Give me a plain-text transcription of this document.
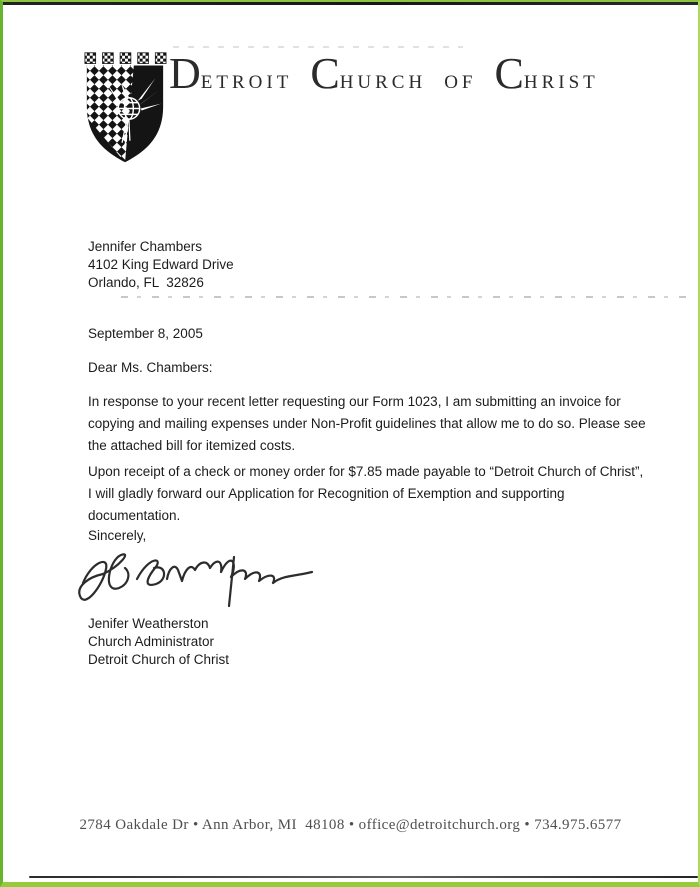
DETROIT CHURCH OF CHRIST
Jennifer Chambers
4102 King Edward Drive
Orlando, FL  32826
September 8, 2005
Dear Ms. Chambers:
In response to your recent letter requesting our Form 1023, I am submitting an invoice for copying and mailing expenses under Non-Profit guidelines that allow me to do so. Please see the attached bill for itemized costs.
Upon receipt of a check or money order for $7.85 made payable to “Detroit Church of Christ”, I will gladly forward our Application for Recognition of Exemption and supporting documentation.
Sincerely,
Jenifer Weatherston
Church Administrator
Detroit Church of Christ
2784 Oakdale Dr • Ann Arbor, MI  48108 • office@detroitchurch.org • 734.975.6577
